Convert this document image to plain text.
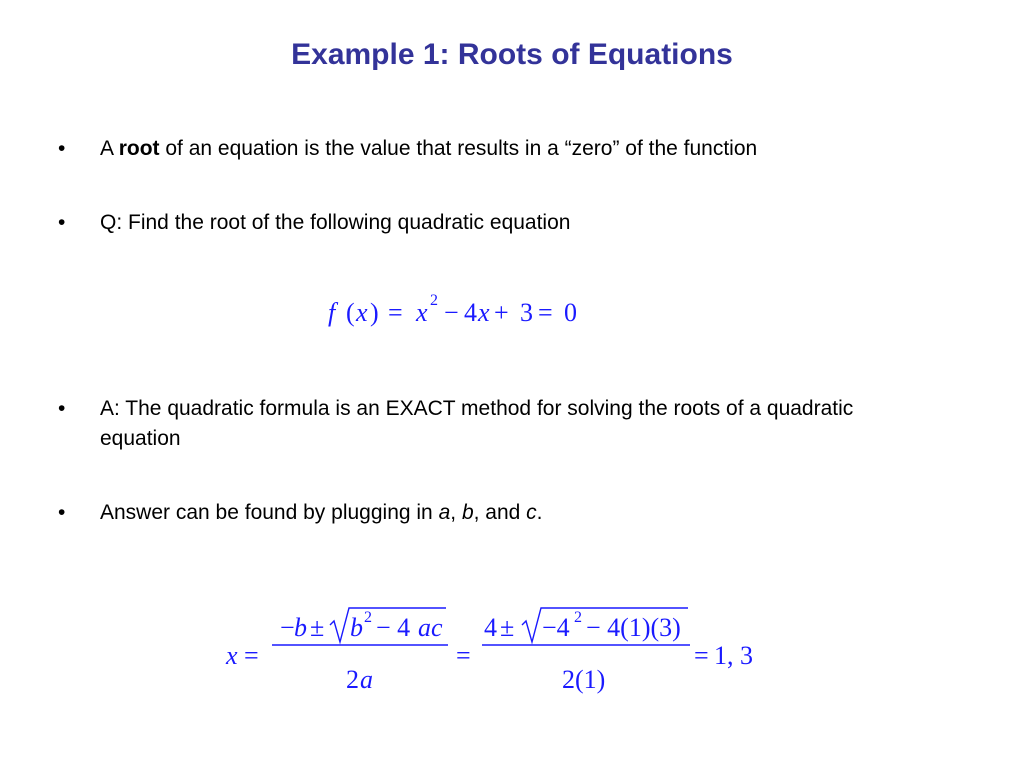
Example 1: Roots of Equations
• A root of an equation is the value that results in a “zero” of the function
• Q: Find the root of the following quadratic equation
f ( x ) = x 2 − 4 x + 3 = 0
• A: The quadratic formula is an EXACT method for solving the roots of a quadratic equation
• Answer can be found by plugging in a, b, and c.
x =
− b ± b 2 − 4 ac
2 a
=
4 ± −4 2 − 4(1)(3)
2(1)
= 1, 3
